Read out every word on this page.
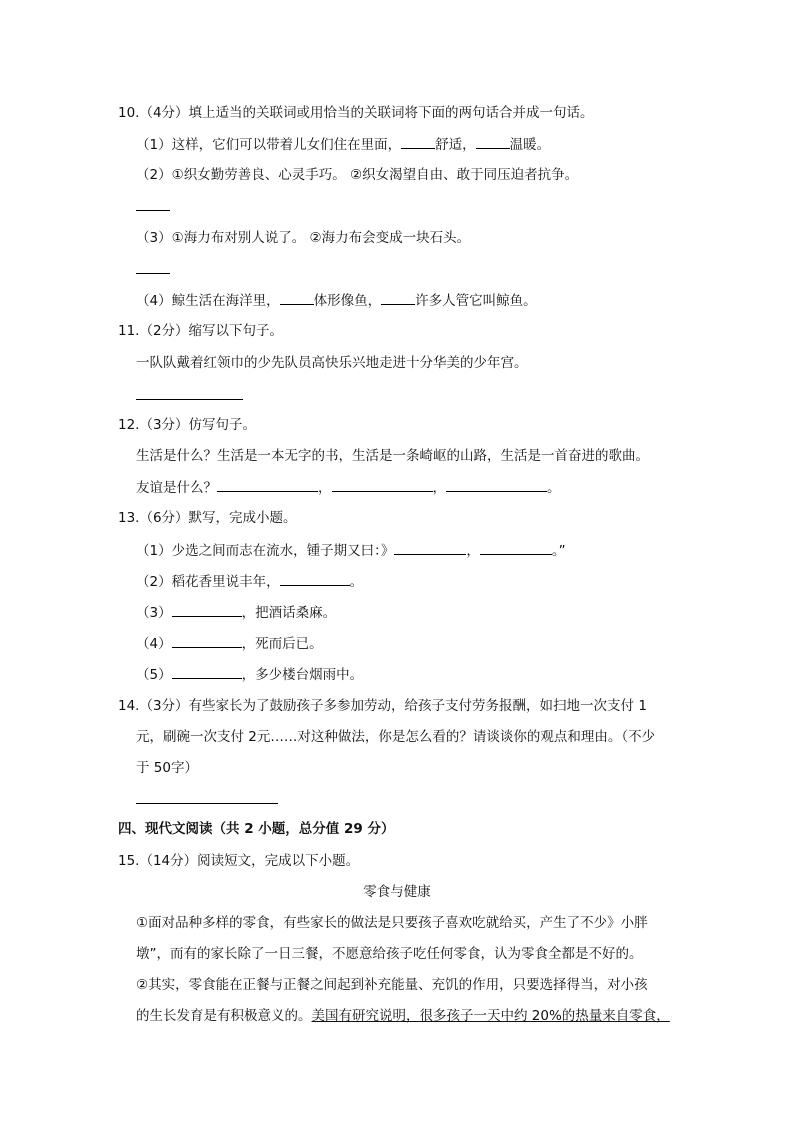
10.（4分）填上适当的关联词或用恰当的关联词将下面的两句话合并成一句话。
（1）这样，它们可以带着儿女们住在里面，	舒适，	温暖。
（2）①织女勤劳善良、心灵手巧。 ②织女渴望自由、敢于同压迫者抗争。
（3）①海力布对别人说了。 ②海力布会变成一块石头。
（4）鲸生活在海洋里，	体形像鱼，	许多人管它叫鲸鱼。
11.（2分）缩写以下句子。
一队队戴着红领巾的少先队员高快乐兴地走进十分华美的少年宫。
12.（3分）仿写句子。
生活是什么？生活是一本无字的书，生活是一条崎岖的山路，生活是一首奋进的歌曲。
友谊是什么？	，	，	。
13.（6分）默写，完成小题。
（1）少选之间而志在流水，锺子期又曰：》	，	。”
（2）稻花香里说丰年，	。
（3）	，把酒话桑麻。
（4）	，死而后已。
（5）	，多少楼台烟雨中。
14.（3分）有些家长为了鼓励孩子多参加劳动，给孩子支付劳务报酬，如扫地一次支付 1
元，刷碗一次支付 2元……对这种做法，你是怎么看的？请谈谈你的观点和理由。（不少
于 50字）
四、现代文阅读（共 2 小题，总分值 29 分）
15.（14分）阅读短文，完成以下小题。
零食与健康
①面对品种多样的零食，有些家长的做法是只要孩子喜欢吃就给买，产生了不少》小胖
墩”，而有的家长除了一日三餐，不愿意给孩子吃任何零食，认为零食全都是不好的。
②其实，零食能在正餐与正餐之间起到补充能量、充饥的作用，只要选择得当，对小孩
的生长发育是有积极意义的。美国有研究说明，很多孩子一天中约 20%的热量来自零食，
